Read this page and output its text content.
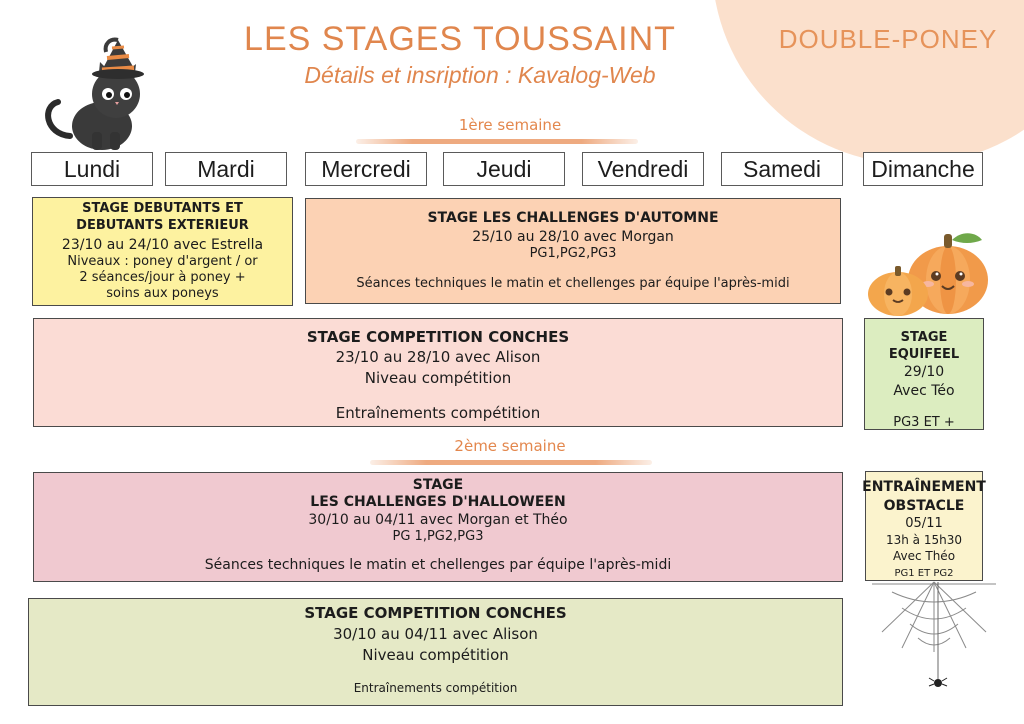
LES STAGES TOUSSAINT
Détails et insription : Kavalog-Web
DOUBLE-PONEY
1ère semaine
Lundi	Mardi	Mercredi	Jeudi	Vendredi	Samedi	Dimanche
STAGE DEBUTANTS ET
DEBUTANTS EXTERIEUR
23/10 au 24/10 avec Estrella
Niveaux : poney d'argent / or
2 séances/jour à poney +
soins aux poneys
STAGE LES CHALLENGES D'AUTOMNE
25/10 au 28/10 avec Morgan
PG1,PG2,PG3
Séances techniques le matin et chellenges par équipe l'après-midi
STAGE COMPETITION CONCHES
23/10 au 28/10 avec Alison
Niveau compétition
Entraînements compétition
STAGE EQUIFEEL
29/10
Avec Téo
PG3 ET +
2ème semaine
STAGE
LES CHALLENGES D'HALLOWEEN
30/10 au 04/11 avec Morgan et Théo
PG 1,PG2,PG3
Séances techniques le matin et chellenges par équipe l'après-midi
ENTRAÎNEMENT
OBSTACLE
05/11
13h à 15h30
Avec Théo
PG1 ET PG2
STAGE COMPETITION CONCHES
30/10 au 04/11 avec Alison
Niveau compétition
Entraînements compétition
